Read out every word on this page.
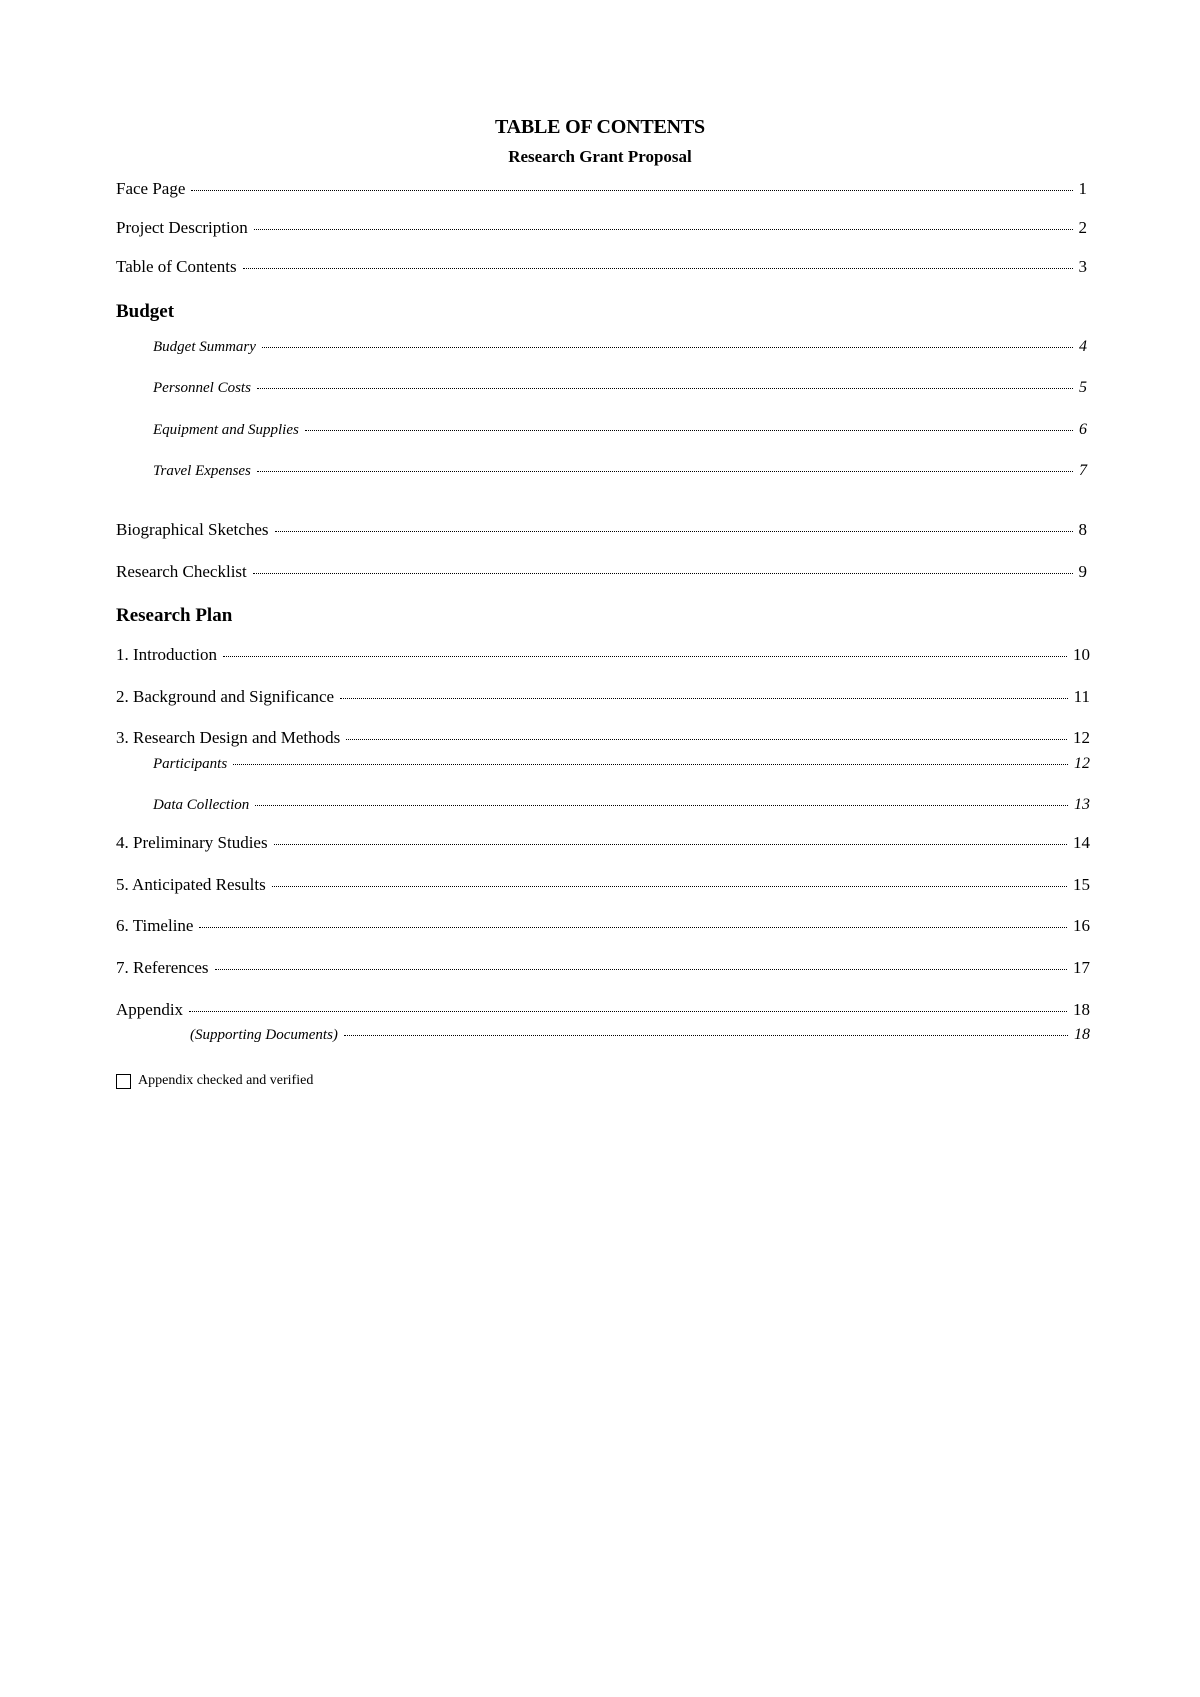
TABLE OF CONTENTS
Research Grant Proposal
Face Page	1
Project Description	2
Table of Contents	3
Budget
Budget Summary	4
Personnel Costs	5
Equipment and Supplies	6
Travel Expenses	7
Biographical Sketches	8
Research Checklist	9
Research Plan
1. Introduction	10
2. Background and Significance	11
3. Research Design and Methods	12
Participants	12
Data Collection	13
4. Preliminary Studies	14
5. Anticipated Results	15
6. Timeline	16
7. References	17
Appendix	18
(Supporting Documents)	18
Appendix checked and verified
